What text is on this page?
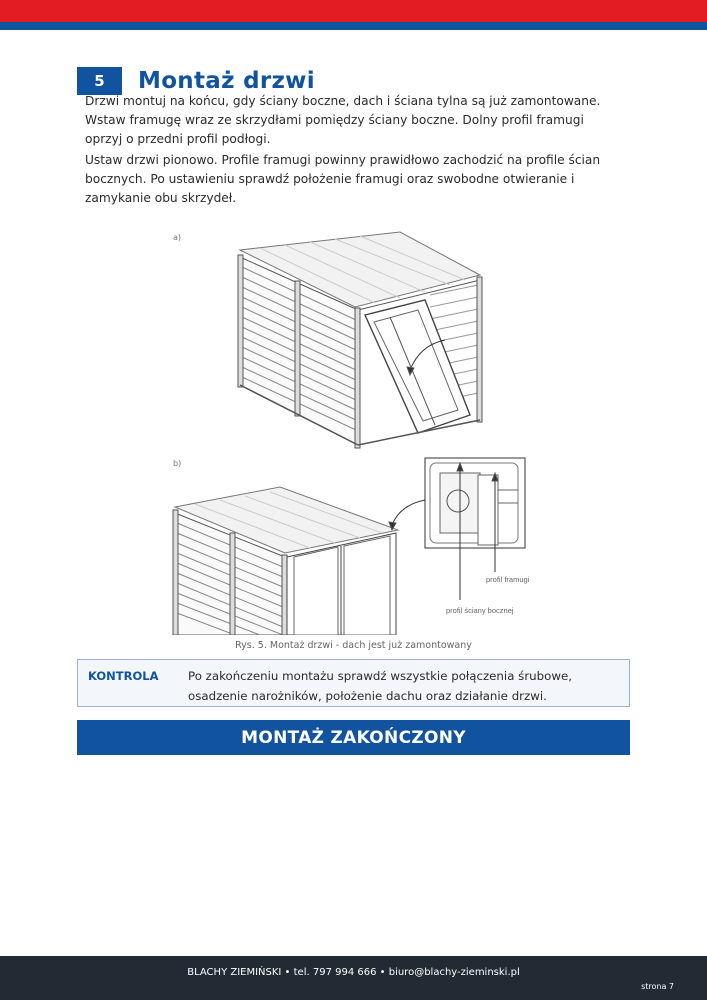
5	Montaż drzwi

Drzwi montuj na końcu, gdy ściany boczne, dach i ściana tylna są już zamontowane. Wstaw framugę wraz ze skrzydłami pomiędzy ściany boczne. Dolny profil framugi oprzyj o przedni profil podłogi.

Ustaw drzwi pionowo. Profile framugi powinny prawidłowo zachodzić na profile ścian bocznych. Po ustawieniu sprawdź położenie framugi oraz swobodne otwieranie i zamykanie obu skrzydeł.

profil framugi
profil ściany bocznej
a)
b)
Rys. 5. Montaż drzwi - dach jest już zamontowany
KONTROLA	Po zakończeniu montażu sprawdź wszystkie połączenia śrubowe, osadzenie narożników, położenie dachu oraz działanie drzwi.
MONTAŻ ZAKOŃCZONY
BLACHY ZIEMIŃSKI • tel. 797 994 666 • biuro@blachy-zieminski.pl
strona 7
